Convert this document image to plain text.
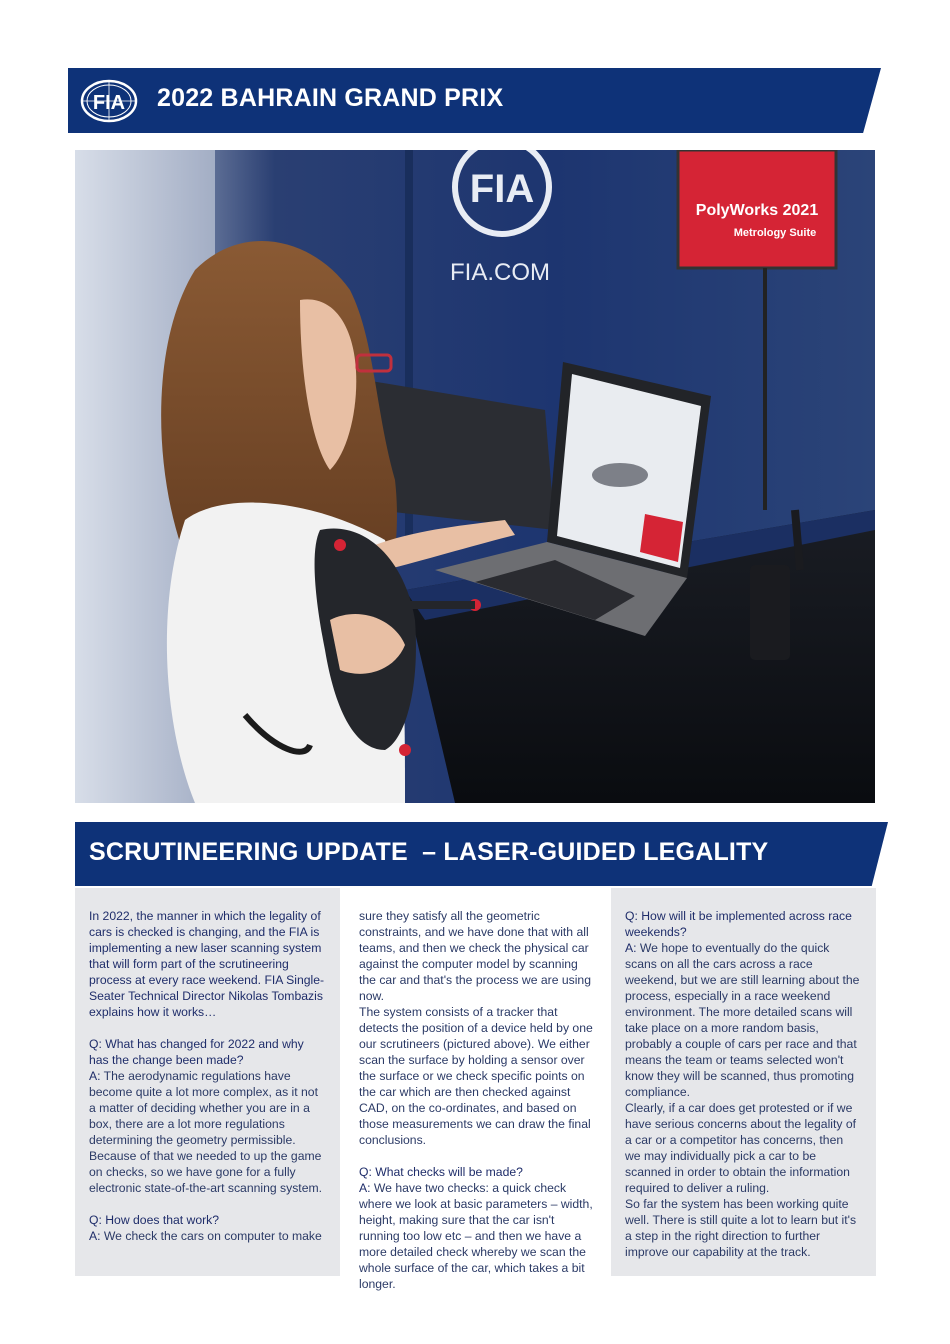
FIA 2022 BAHRAIN GRAND PRIX
FIA
FIA.COM
PolyWorks 2021
Metrology Suite
SCRUTINEERING UPDATE  – LASER-GUIDED LEGALITY

In 2022, the manner in which the legality of cars is checked is changing, and the FIA is implementing a new laser scanning system that will form part of the scrutineering process at every race weekend. FIA Single-Seater Technical Director Nikolas Tombazis explains how it works…

Q: What has changed for 2022 and why has the change been made?

A: The aerodynamic regulations have become quite a lot more complex, as it not a matter of deciding whether you are in a box, there are a lot more regulations determining the geometry permissible. Because of that we needed to up the game on checks, so we have gone for a fully electronic state-of-the-art scanning system.

Q: How does that work?

A: We check the cars on computer to make

sure they satisfy all the geometric constraints, and we have done that with all teams, and then we check the physical car against the computer model by scanning the car and that's the process we are using now.

The system consists of a tracker that detects the position of a device held by one our scrutineers (pictured above). We either scan the surface by holding a sensor over the surface or we check specific points on the car which are then checked against CAD, on the co-ordinates, and based on those measurements we can draw the final conclusions.

Q: What checks will be made?

A: We have two checks: a quick check where we look at basic parameters – width, height, making sure that the car isn't running too low etc – and then we have a more detailed check whereby we scan the whole surface of the car, which takes a bit longer.

Q: How will it be implemented across race weekends?

A: We hope to eventually do the quick scans on all the cars across a race weekend, but we are still learning about the process, especially in a race weekend environment. The more detailed scans will take place on a more random basis, probably a couple of cars per race and that means the team or teams selected won't know they will be scanned, thus promoting compliance.

Clearly, if a car does get protested or if we have serious concerns about the legality of a car or a competitor has concerns, then we may individually pick a car to be scanned in order to obtain the information required to deliver a ruling.

So far the system has been working quite well. There is still quite a lot to learn but it's a step in the right direction to further improve our capability at the track.
